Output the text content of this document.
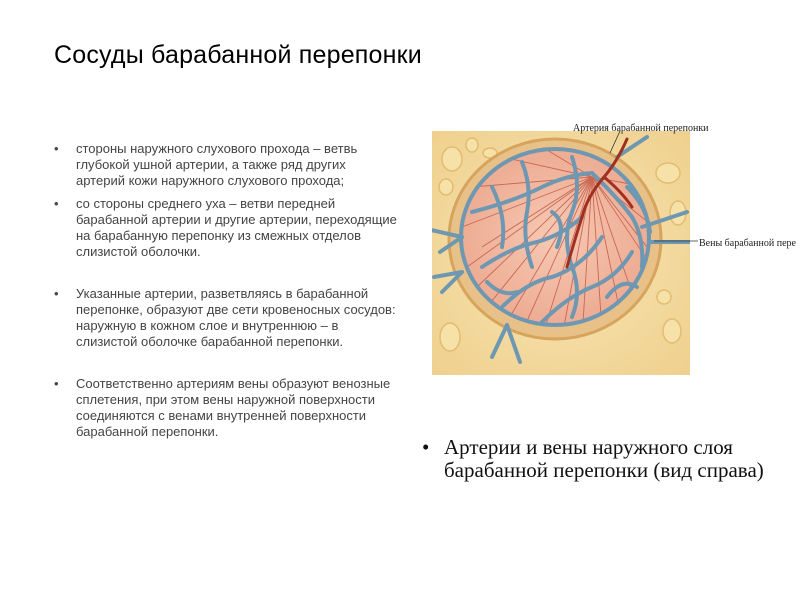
Сосуды барабанной перепонки
• стороны наружного слухового прохода – ветвь глубокой ушной артерии, а также ряд других артерий кожи наружного слухового прохода;
• со стороны среднего уха – ветви передней барабанной артерии и другие артерии, переходящие на барабанную перепонку из смежных отделов слизистой оболочки.
• Указанные артерии, разветвляясь в барабанной перепонке, образуют две сети кровеносных сосудов: наружную в кожном слое и внутреннюю – в слизистой оболочке барабанной перепонки.
• Соответственно артериям вены образуют венозные сплетения, при этом вены наружной поверхности соединяются с венами внутренней поверхности барабанной перепонки.
Артерия барабанной перепонки
Вены барабанной пере
• Артерии и вены наружного слоя барабанной перепонки (вид справа)
